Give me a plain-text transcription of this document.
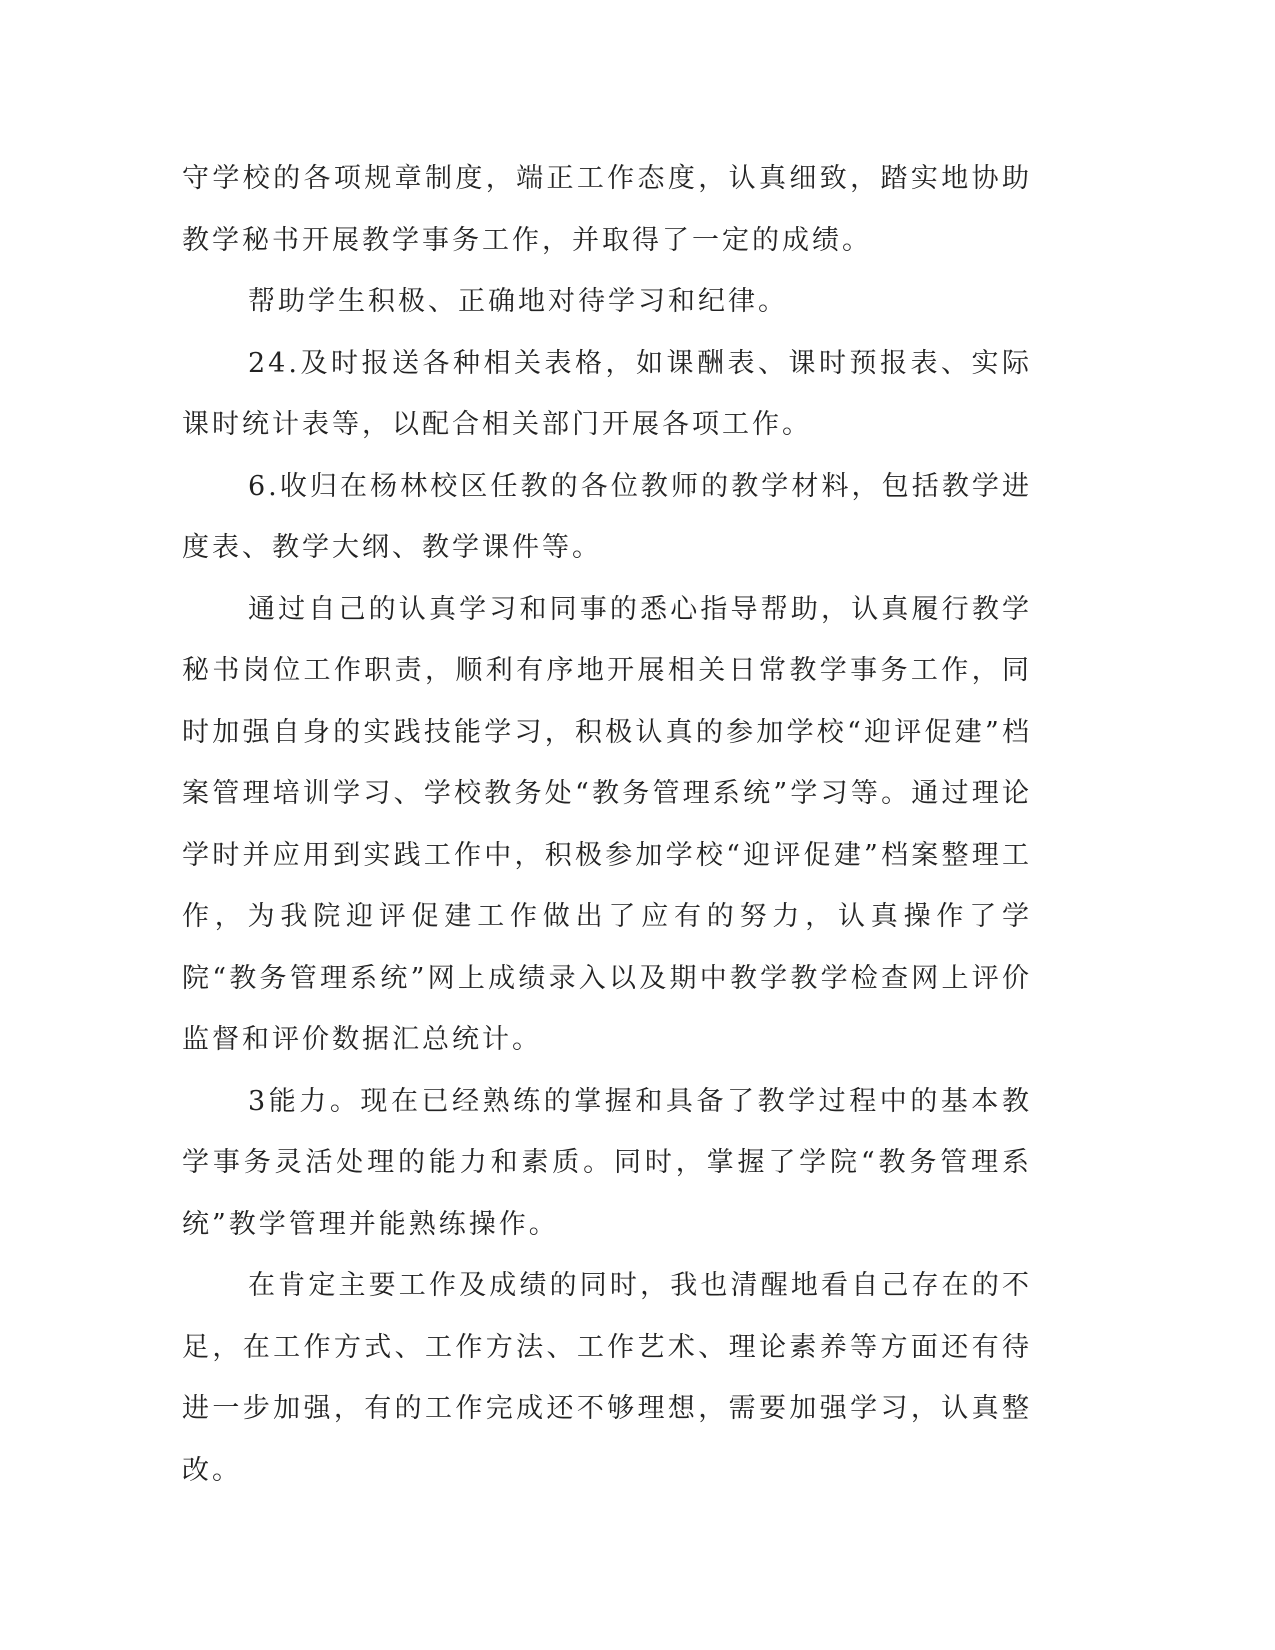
守学校的各项规章制度，端正工作态度，认真细致，踏实地协助教学秘书开展教学事务工作，并取得了一定的成绩。

帮助学生积极、正确地对待学习和纪律。

24.及时报送各种相关表格，如课酬表、课时预报表、实际课时统计表等，以配合相关部门开展各项工作。

6.收归在杨林校区任教的各位教师的教学材料，包括教学进度表、教学大纲、教学课件等。

通过自己的认真学习和同事的悉心指导帮助，认真履行教学秘书岗位工作职责，顺利有序地开展相关日常教学事务工作，同时加强自身的实践技能学习，积极认真的参加学校“迎评促建”档案管理培训学习、学校教务处“教务管理系统”学习等。通过理论学时并应用到实践工作中，积极参加学校“迎评促建”档案整理工作，为我院迎评促建工作做出了应有的努力，认真操作了学院“教务管理系统”网上成绩录入以及期中教学教学检查网上评价监督和评价数据汇总统计。

3能力。现在已经熟练的掌握和具备了教学过程中的基本教学事务灵活处理的能力和素质。同时，掌握了学院“教务管理系统”教学管理并能熟练操作。

在肯定主要工作及成绩的同时，我也清醒地看自己存在的不足，在工作方式、工作方法、工作艺术、理论素养等方面还有待进一步加强，有的工作完成还不够理想，需要加强学习，认真整改。
